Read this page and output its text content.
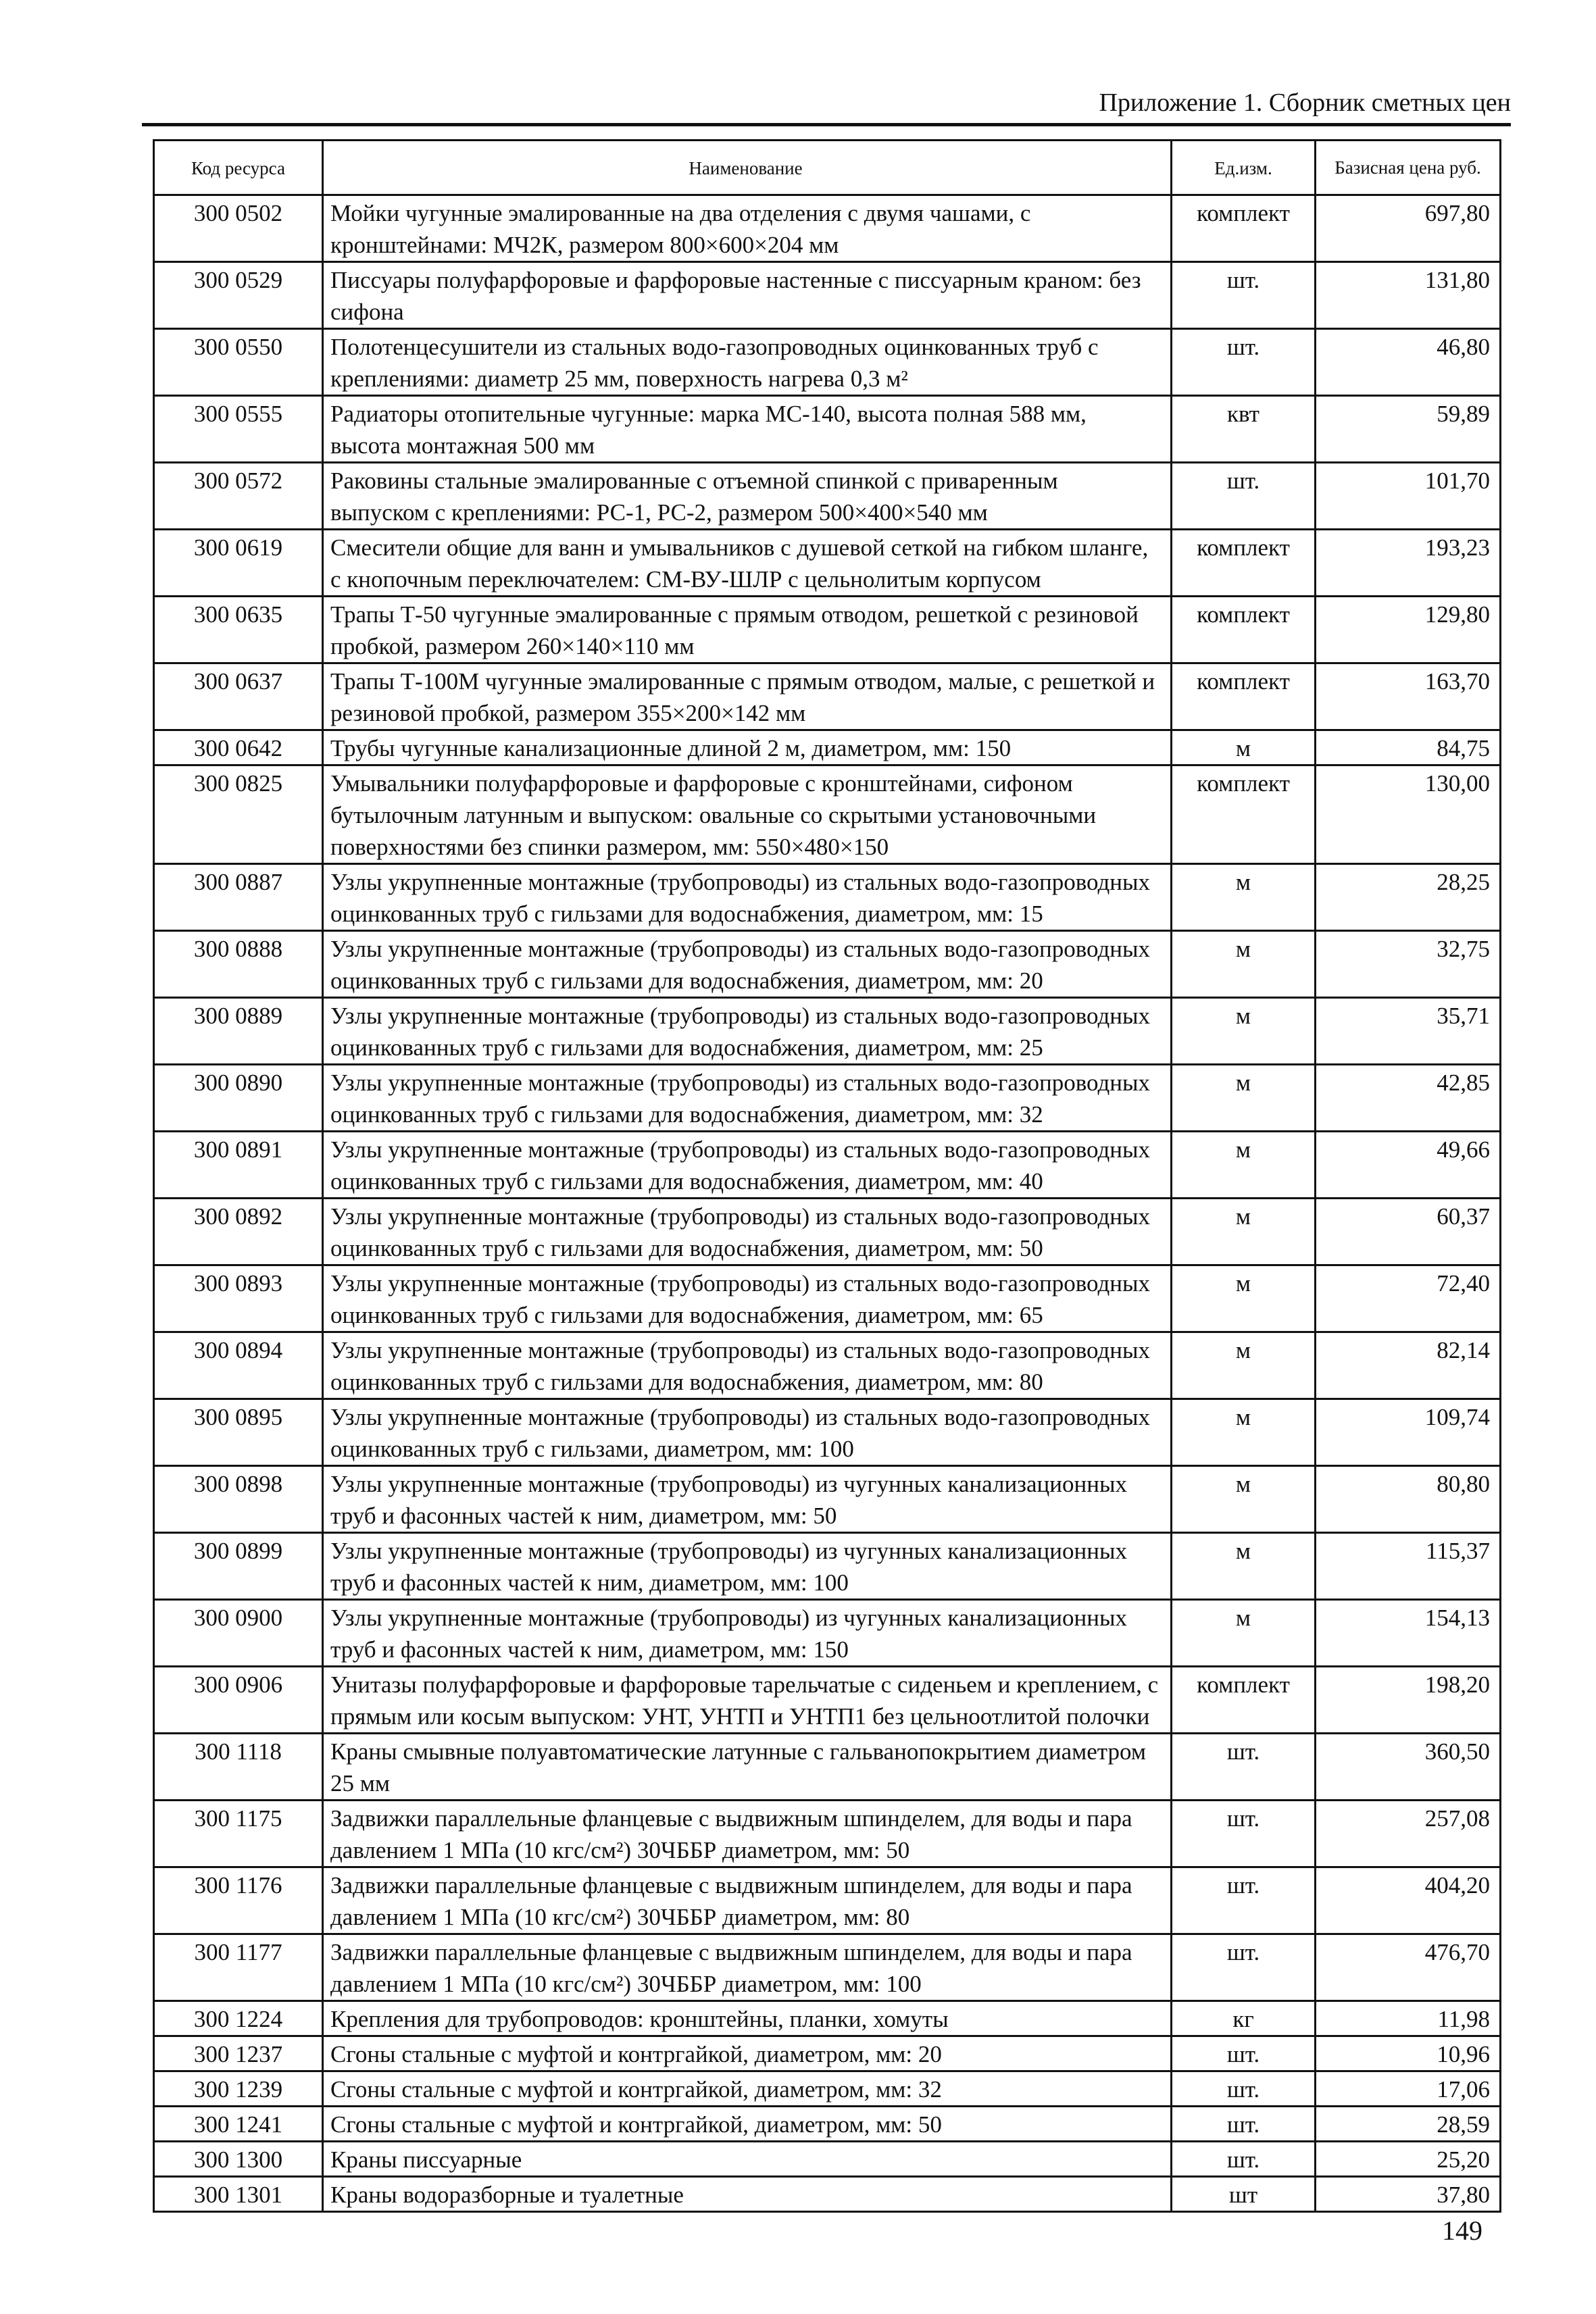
Приложение 1. Сборник сметных цен
Код ресурса	Наименование	Ед.изм.	Базисная цена руб.
300 0502	Мойки чугунные эмалированные на два отделения с двумя чашами, с кронштейнами: МЧ2К, размером 800×600×204 мм	комплект	697,80
300 0529	Писсуары полуфарфоровые и фарфоровые настенные с писсуарным краном: без сифона	шт.	131,80
300 0550	Полотенцесушители из стальных водо-газопроводных оцинкованных труб с креплениями: диаметр 25 мм, поверхность нагрева 0,3 м²	шт.	46,80
300 0555	Радиаторы отопительные чугунные: марка МС-140, высота полная 588 мм, высота монтажная 500 мм	квт	59,89
300 0572	Раковины стальные эмалированные с отъемной спинкой с приваренным выпуском с креплениями: РС-1, РС-2, размером 500×400×540 мм	шт.	101,70
300 0619	Смесители общие для ванн и умывальников с душевой сеткой на гибком шланге, с кнопочным переключателем: СМ-ВУ-ШЛР с цельнолитым корпусом	комплект	193,23
300 0635	Трапы Т-50 чугунные эмалированные с прямым отводом, решеткой с резиновой пробкой, размером 260×140×110 мм	комплект	129,80
300 0637	Трапы Т-100М чугунные эмалированные с прямым отводом, малые, с решеткой и резиновой пробкой, размером 355×200×142 мм	комплект	163,70
300 0642	Трубы чугунные канализационные длиной 2 м, диаметром, мм: 150	м	84,75
300 0825	Умывальники полуфарфоровые и фарфоровые с кронштейнами, сифоном бутылочным латунным и выпуском: овальные со скрытыми установочными поверхностями без спинки размером, мм: 550×480×150	комплект	130,00
300 0887	Узлы укрупненные монтажные (трубопроводы) из стальных водо-газопроводных оцинкованных труб с гильзами для водоснабжения, диаметром, мм: 15	м	28,25
300 0888	Узлы укрупненные монтажные (трубопроводы) из стальных водо-газопроводных оцинкованных труб с гильзами для водоснабжения, диаметром, мм: 20	м	32,75
300 0889	Узлы укрупненные монтажные (трубопроводы) из стальных водо-газопроводных оцинкованных труб с гильзами для водоснабжения, диаметром, мм: 25	м	35,71
300 0890	Узлы укрупненные монтажные (трубопроводы) из стальных водо-газопроводных оцинкованных труб с гильзами для водоснабжения, диаметром, мм: 32	м	42,85
300 0891	Узлы укрупненные монтажные (трубопроводы) из стальных водо-газопроводных оцинкованных труб с гильзами для водоснабжения, диаметром, мм: 40	м	49,66
300 0892	Узлы укрупненные монтажные (трубопроводы) из стальных водо-газопроводных оцинкованных труб с гильзами для водоснабжения, диаметром, мм: 50	м	60,37
300 0893	Узлы укрупненные монтажные (трубопроводы) из стальных водо-газопроводных оцинкованных труб с гильзами для водоснабжения, диаметром, мм: 65	м	72,40
300 0894	Узлы укрупненные монтажные (трубопроводы) из стальных водо-газопроводных оцинкованных труб с гильзами для водоснабжения, диаметром, мм: 80	м	82,14
300 0895	Узлы укрупненные монтажные (трубопроводы) из стальных водо-газопроводных оцинкованных труб с гильзами, диаметром, мм: 100	м	109,74
300 0898	Узлы укрупненные монтажные (трубопроводы) из чугунных канализационных труб и фасонных частей к ним, диаметром, мм: 50	м	80,80
300 0899	Узлы укрупненные монтажные (трубопроводы) из чугунных канализационных труб и фасонных частей к ним, диаметром, мм: 100	м	115,37
300 0900	Узлы укрупненные монтажные (трубопроводы) из чугунных канализационных труб и фасонных частей к ним, диаметром, мм: 150	м	154,13
300 0906	Унитазы полуфарфоровые и фарфоровые тарельчатые с сиденьем и креплением, с прямым или косым выпуском: УНТ, УНТП и УНТП1 без цельноотлитой полочки	комплект	198,20
300 1118	Краны смывные полуавтоматические латунные с гальванопокрытием диаметром 25 мм	шт.	360,50
300 1175	Задвижки параллельные фланцевые с выдвижным шпинделем, для воды и пара давлением 1 МПа (10 кгс/см²) 30ЧББР диаметром, мм: 50	шт.	257,08
300 1176	Задвижки параллельные фланцевые с выдвижным шпинделем, для воды и пара давлением 1 МПа (10 кгс/см²) 30ЧББР диаметром, мм: 80	шт.	404,20
300 1177	Задвижки параллельные фланцевые с выдвижным шпинделем, для воды и пара давлением 1 МПа (10 кгс/см²) 30ЧББР диаметром, мм: 100	шт.	476,70
300 1224	Крепления для трубопроводов: кронштейны, планки, хомуты	кг	11,98
300 1237	Сгоны стальные с муфтой и контргайкой, диаметром, мм: 20	шт.	10,96
300 1239	Сгоны стальные с муфтой и контргайкой, диаметром, мм: 32	шт.	17,06
300 1241	Сгоны стальные с муфтой и контргайкой, диаметром, мм: 50	шт.	28,59
300 1300	Краны писсуарные	шт.	25,20
300 1301	Краны водоразборные и туалетные	шт	37,80
149
